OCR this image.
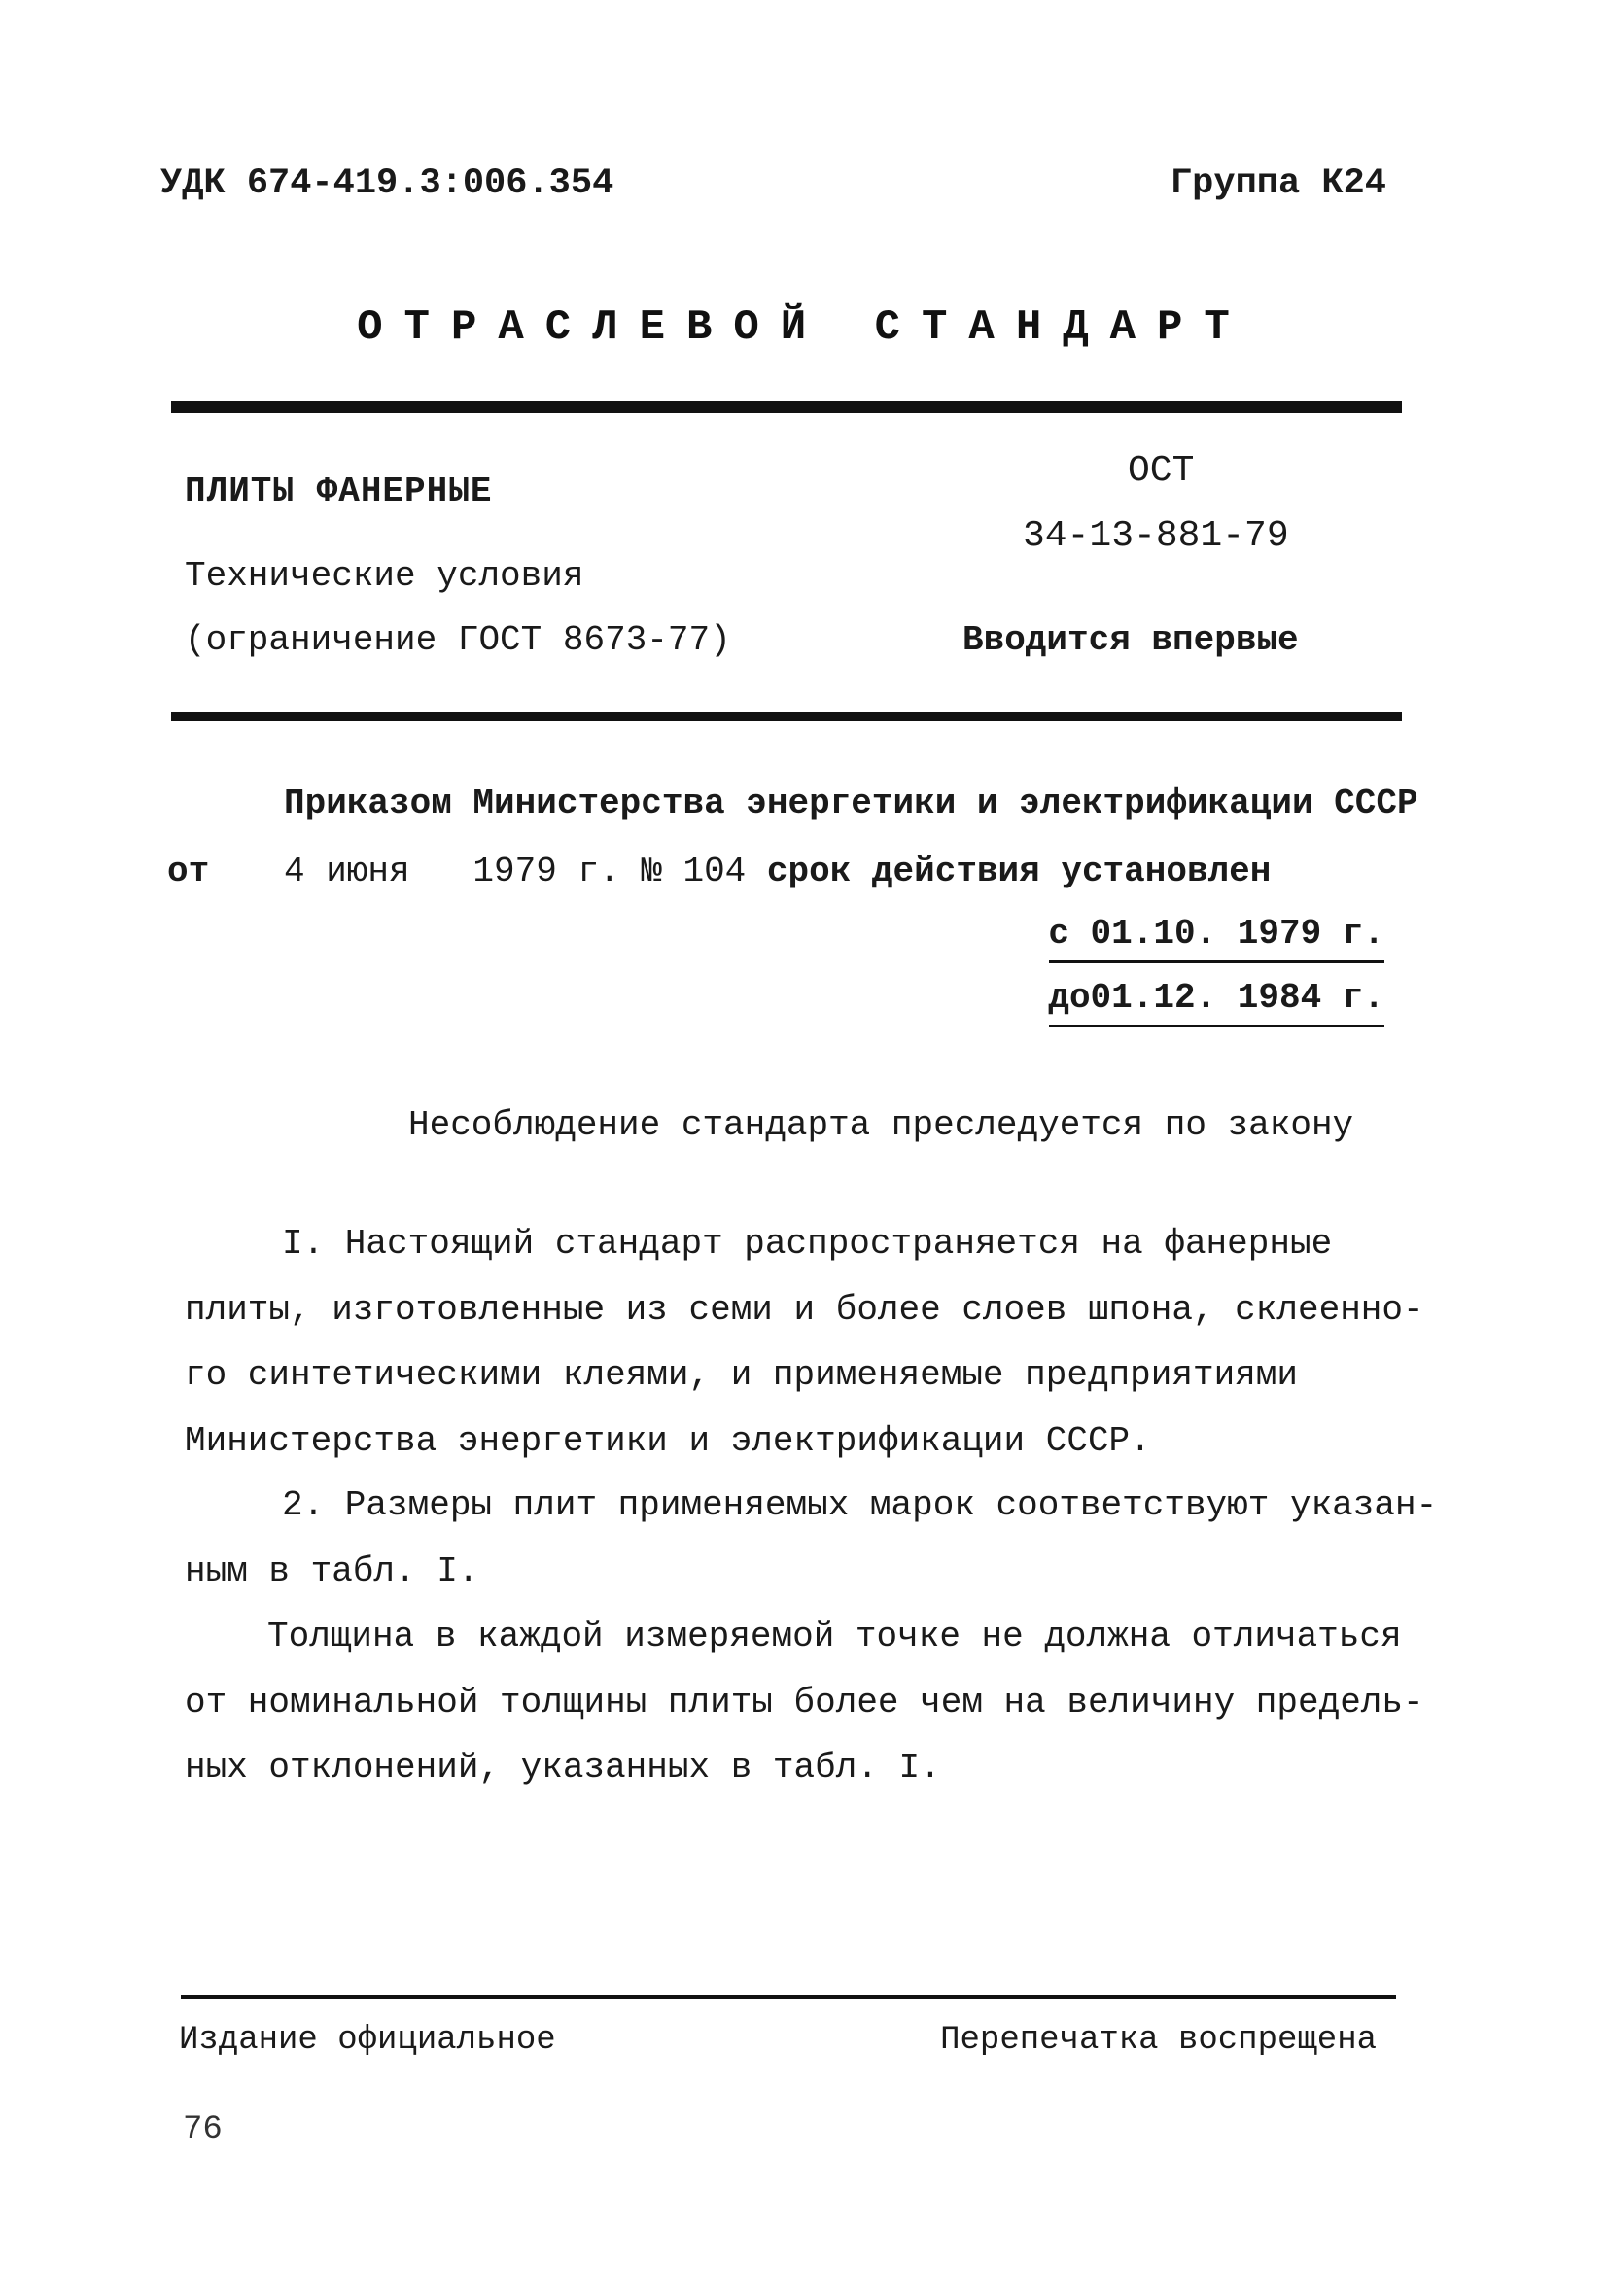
УДК 674-419.3:006.354	Группа К24
ОТРАСЛЕВОЙ СТАНДАРТ
ПЛИТЫ ФАНЕРНЫЕ
Технические условия
(ограничение ГОСТ 8673-77)
ОСТ
34-13-881-79
Вводится впервые
Приказом Министерства энергетики и электрификации СССР
от 4 июня   1979 г. № 104 срок действия установлен
с 01.10. 1979 г.
до01.12. 1984 г.
Несоблюдение стандарта преследуется по закону
I. Настоящий стандарт распространяется на фанерные
плиты, изготовленные из семи и более слоев шпона, склеенно-
го синтетическими клеями, и применяемые предприятиями
Министерства энергетики и электрификации СССР.
2. Размеры плит применяемых марок соответствуют указан-
ным в табл. I.
Толщина в каждой измеряемой точке не должна отличаться
от номинальной толщины плиты более чем на величину предель-
ных отклонений, указанных в табл. I.
Издание официальное	Перепечатка воспрещена
76
